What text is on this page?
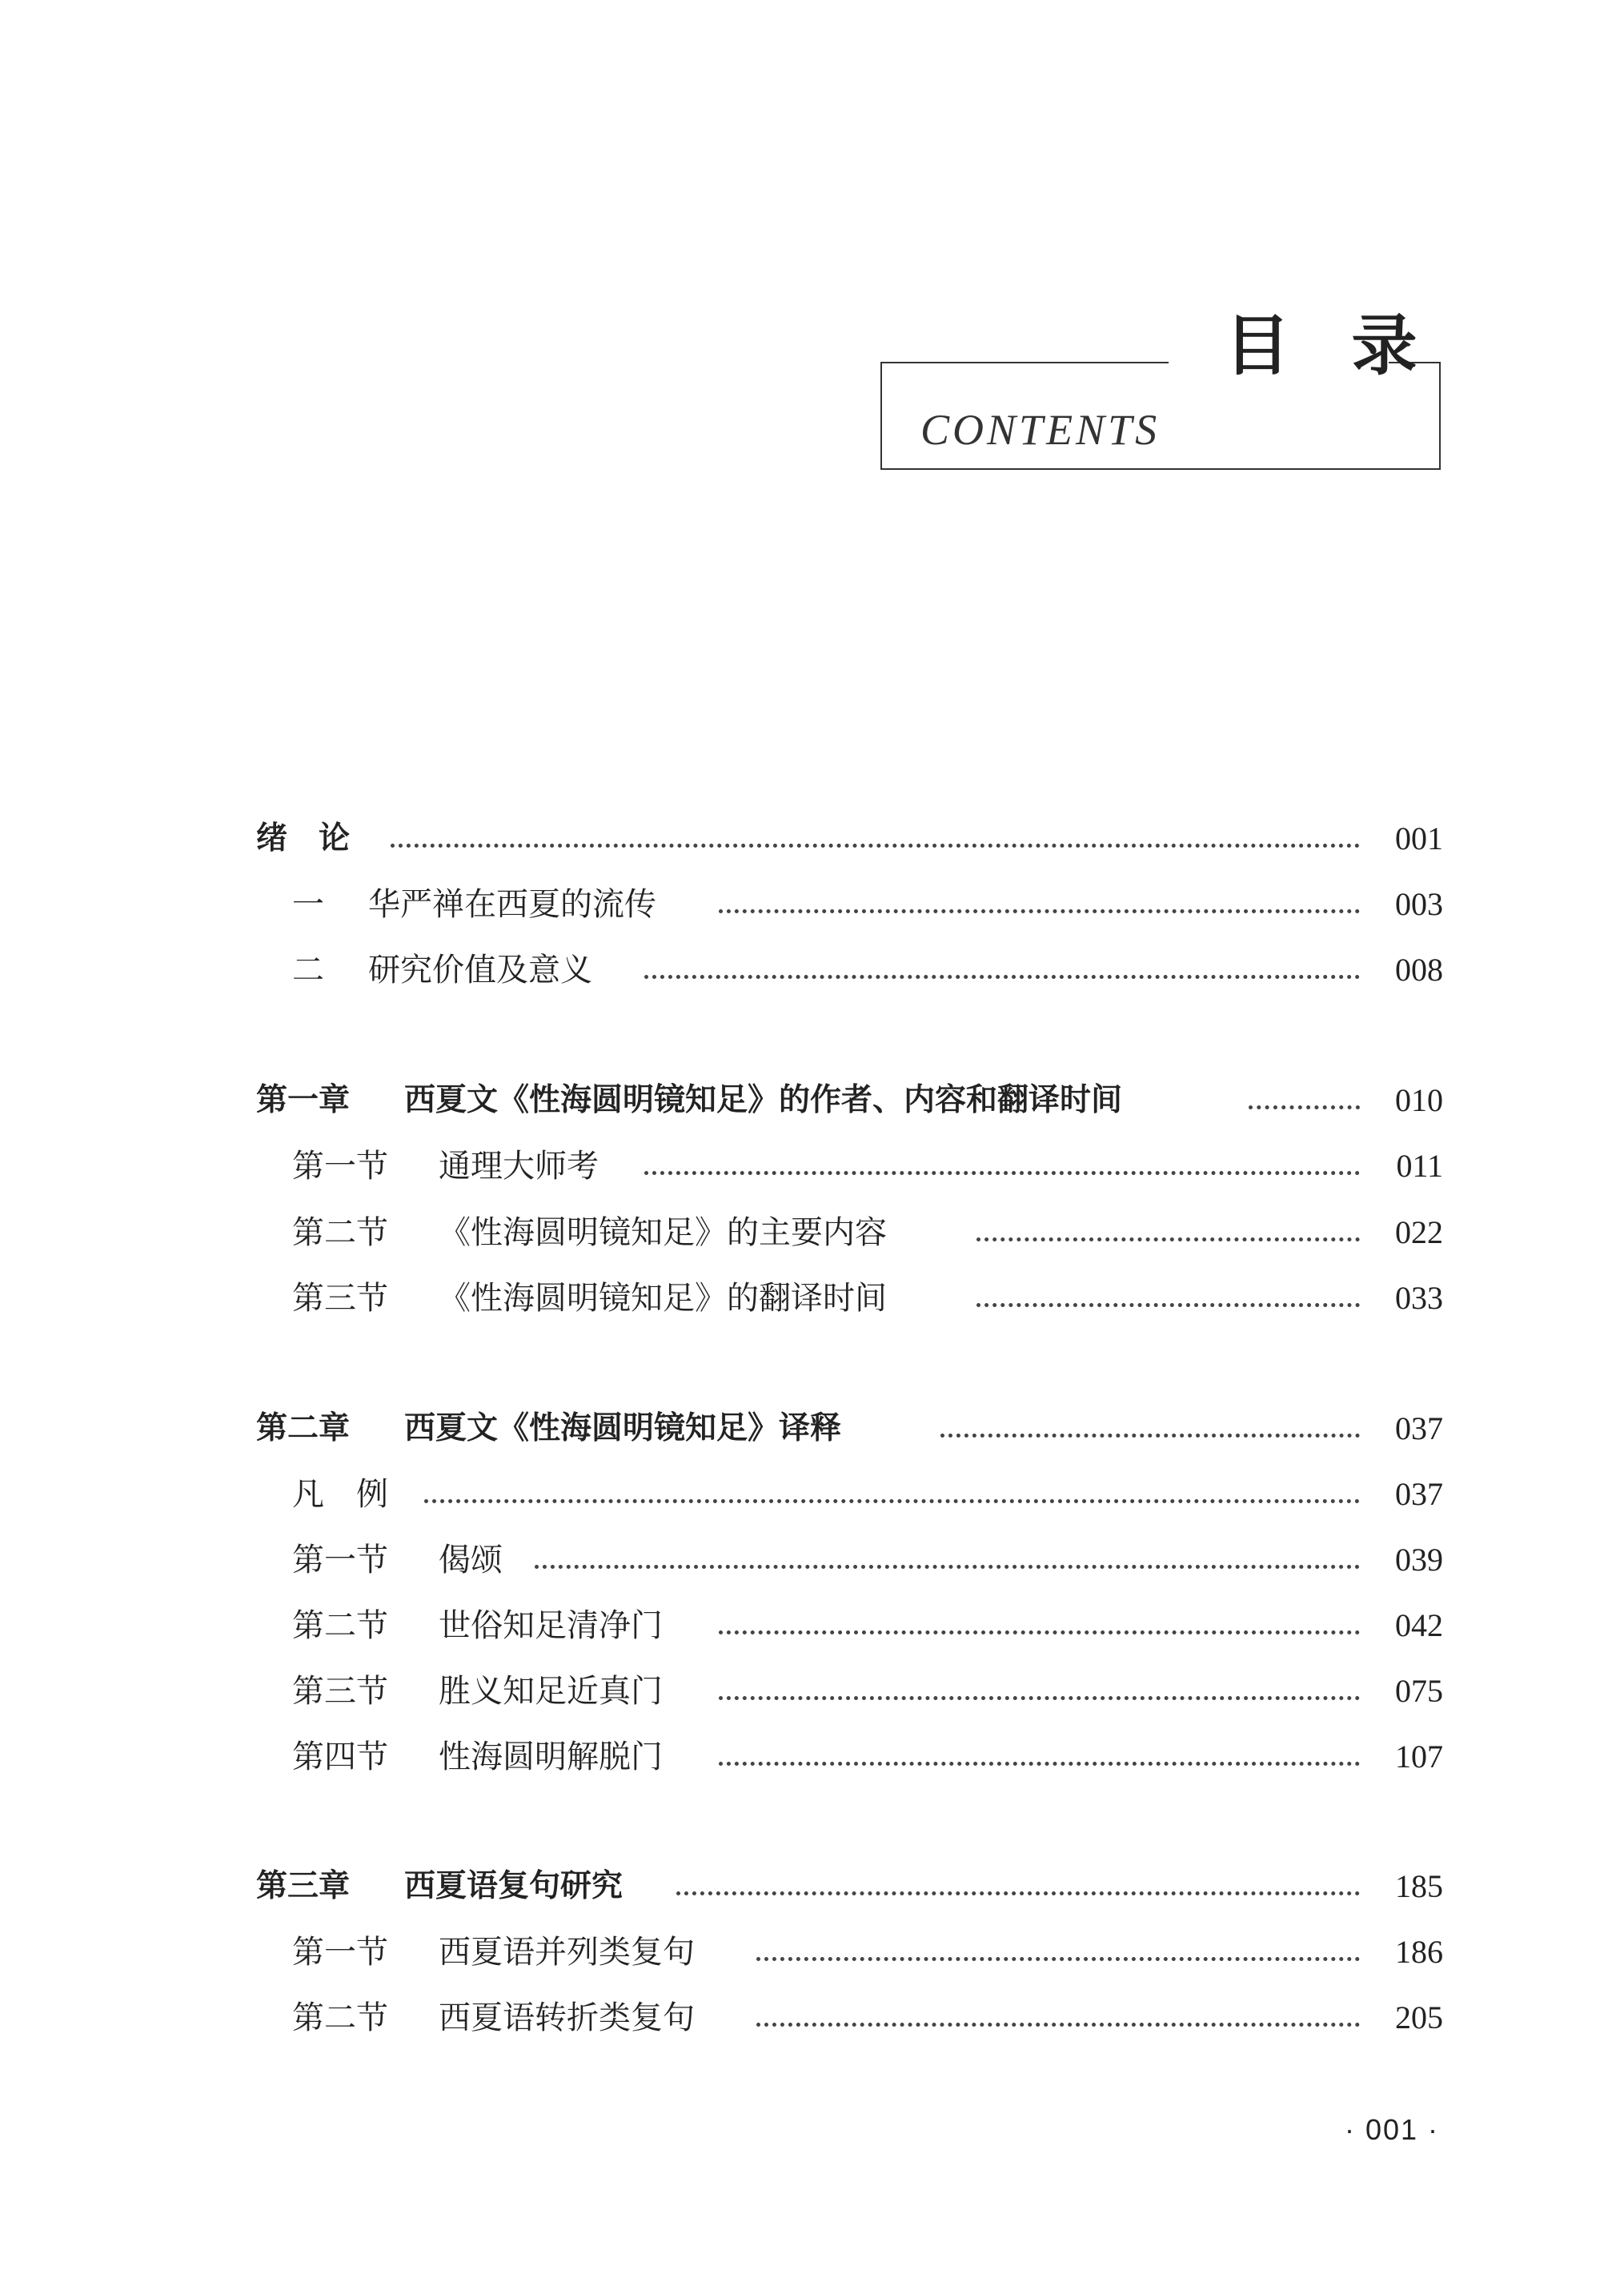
目 录
CONTENTS
绪　论	001
一 华严禅在西夏的流传	003
二 研究价值及意义	008
第一章 西夏文《性海圆明镜知足》的作者、内容和翻译时间	010
第一节 通理大师考	011
第二节 《性海圆明镜知足》的主要内容	022
第三节 《性海圆明镜知足》的翻译时间	033
第二章 西夏文《性海圆明镜知足》译释	037
凡　例	037
第一节 偈颂	039
第二节 世俗知足清净门	042
第三节 胜义知足近真门	075
第四节 性海圆明解脱门	107
第三章 西夏语复句研究	185
第一节 西夏语并列类复句	186
第二节 西夏语转折类复句	205
· 001 ·
